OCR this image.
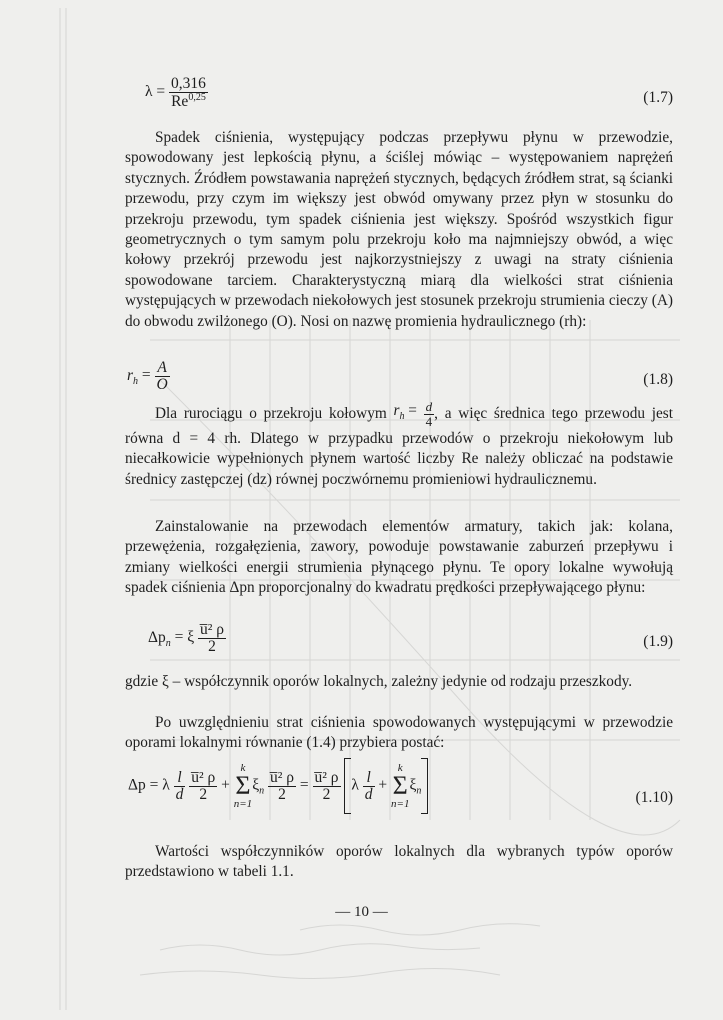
$\lambda = \frac{0,316}{Re^{0,25}}$	(1.7)
Spadek ciśnienia, występujący podczas przepływu płynu w przewodzie, spowodowany jest lepkością płynu, a ściślej mówiąc – występowaniem naprężeń stycznych. Źródłem powstawania naprężeń stycznych, będących źródłem strat, są ścianki przewodu, przy czym im większy jest obwód omywany przez płyn w stosunku do przekroju przewodu, tym spadek ciśnienia jest większy. Spośród wszystkich figur geometrycznych o tym samym polu przekroju koło ma najmniejszy obwód, a więc kołowy przekrój przewodu jest najkorzystniejszy z uwagi na straty ciśnienia spowodowane tarciem. Charakterystyczną miarą dla wielkości strat ciśnienia występujących w przewodach niekołowych jest stosunek przekroju strumienia cieczy (A) do obwodu zwilżonego (O). Nosi on nazwę promienia hydraulicznego (rh):
$r_h = \frac{A}{O}$	(1.8)
Dla rurociągu o przekroju kołowym $r_h = \frac{d}{4}$ , a więc średnica tego przewodu jest równa d = 4 rh. Dlatego w przypadku przewodów o przekroju niekołowym lub niecałkowicie wypełnionych płynem wartość liczby Re należy obliczać na podstawie średnicy zastępczej (dz) równej poczwórnemu promieniowi hydraulicznemu.
Zainstalowanie na przewodach elementów armatury, takich jak: kolana, przewężenia, rozgałęzienia, zawory, powoduje powstawanie zaburzeń przepływu i zmiany wielkości energii strumienia płynącego płynu. Te opory lokalne wywołują spadek ciśnienia Δpn proporcjonalny do kwadratu prędkości przepływającego płynu:
$\Delta p_n = \xi \frac{\text{u̅² ρ}}{2}$	(1.9)
gdzie ξ – współczynnik oporów lokalnych, zależny jedynie od rodzaju przeszkody.
Po uwzględnieniu strat ciśnienia spowodowanych występującymi w przewodzie oporami lokalnymi równanie (1.4) przybiera postać:
Δp = λ $\frac{l}{d}$
$\frac{\text{u̅² ρ}}{2}$ +
k
Σ
n=1
$\xi_n \frac{\text{u̅² ρ}}{2} = \frac{\text{u̅² ρ}}{2}$ λ $\frac{l}{d}$ +
k
Σ
n=1
$\xi_n$	(1.10)
Wartości współczynników oporów lokalnych dla wybranych typów oporów przedstawiono w tabeli 1.1.
— 10 —
